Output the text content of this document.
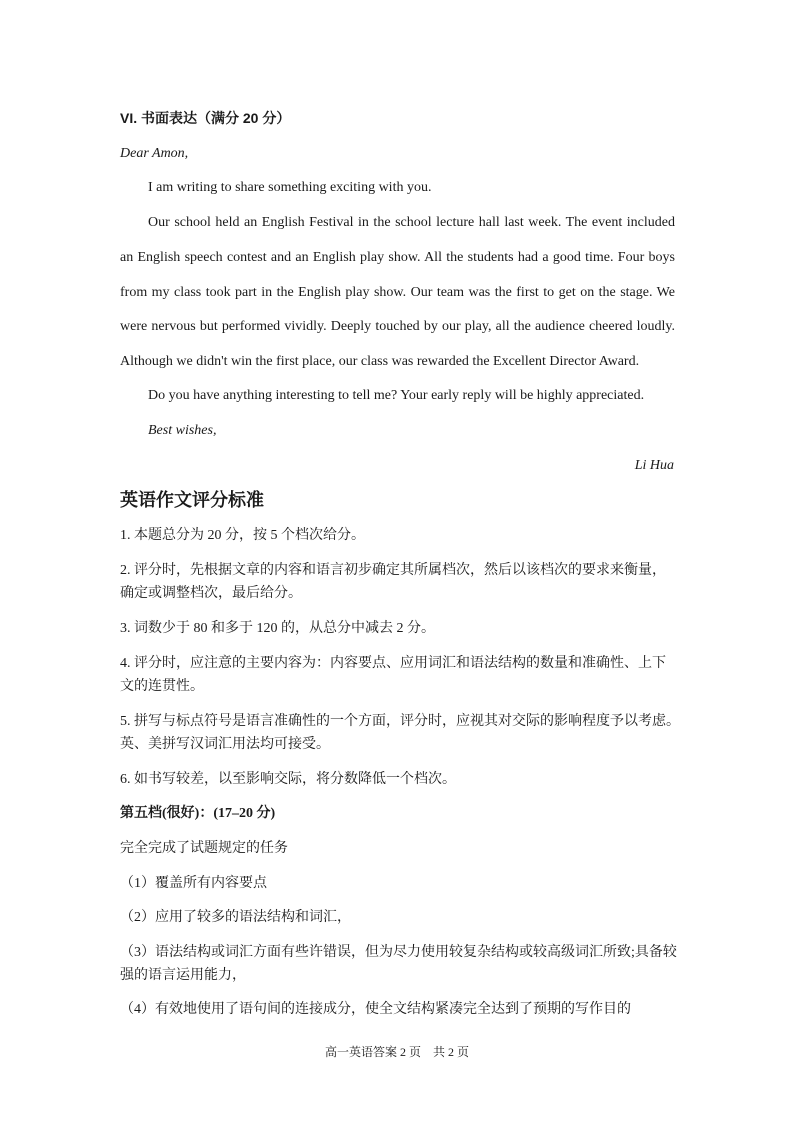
VI. 书面表达（满分 20 分）
Dear Amon,
I am writing to share something exciting with you.
Our school held an English Festival in the school lecture hall last week. The event included
an English speech contest and an English play show. All the students had a good time. Four boys
from my class took part in the English play show. Our team was the first to get on the stage. We
were nervous but performed vividly. Deeply touched by our play, all the audience cheered loudly.
Although we didn't win the first place, our class was rewarded the Excellent Director Award.
Do you have anything interesting to tell me? Your early reply will be highly appreciated.
Best wishes,
Li Hua
英语作文评分标准
1. 本题总分为 20 分，按 5 个档次给分。
2. 评分时，先根据文章的内容和语言初步确定其所属档次，然后以该档次的要求来衡量，
确定或调整档次，最后给分。
3. 词数少于 80 和多于 120 的，从总分中减去 2 分。
4. 评分时，应注意的主要内容为：内容要点、应用词汇和语法结构的数量和准确性、上下
文的连贯性。
5. 拼写与标点符号是语言准确性的一个方面，评分时，应视其对交际的影响程度予以考虑。
英、美拼写汉词汇用法均可接受。
6. 如书写较差，以至影响交际，将分数降低一个档次。
第五档(很好)：(17–20 分)
完全完成了试题规定的任务
（1）覆盖所有内容要点
（2）应用了较多的语法结构和词汇，
（3）语法结构或词汇方面有些许错误，但为尽力使用较复杂结构或较高级词汇所致;具备较
强的语言运用能力，
（4）有效地使用了语句间的连接成分，使全文结构紧凑完全达到了预期的写作目的
高一英语答案 2 页　共 2 页
